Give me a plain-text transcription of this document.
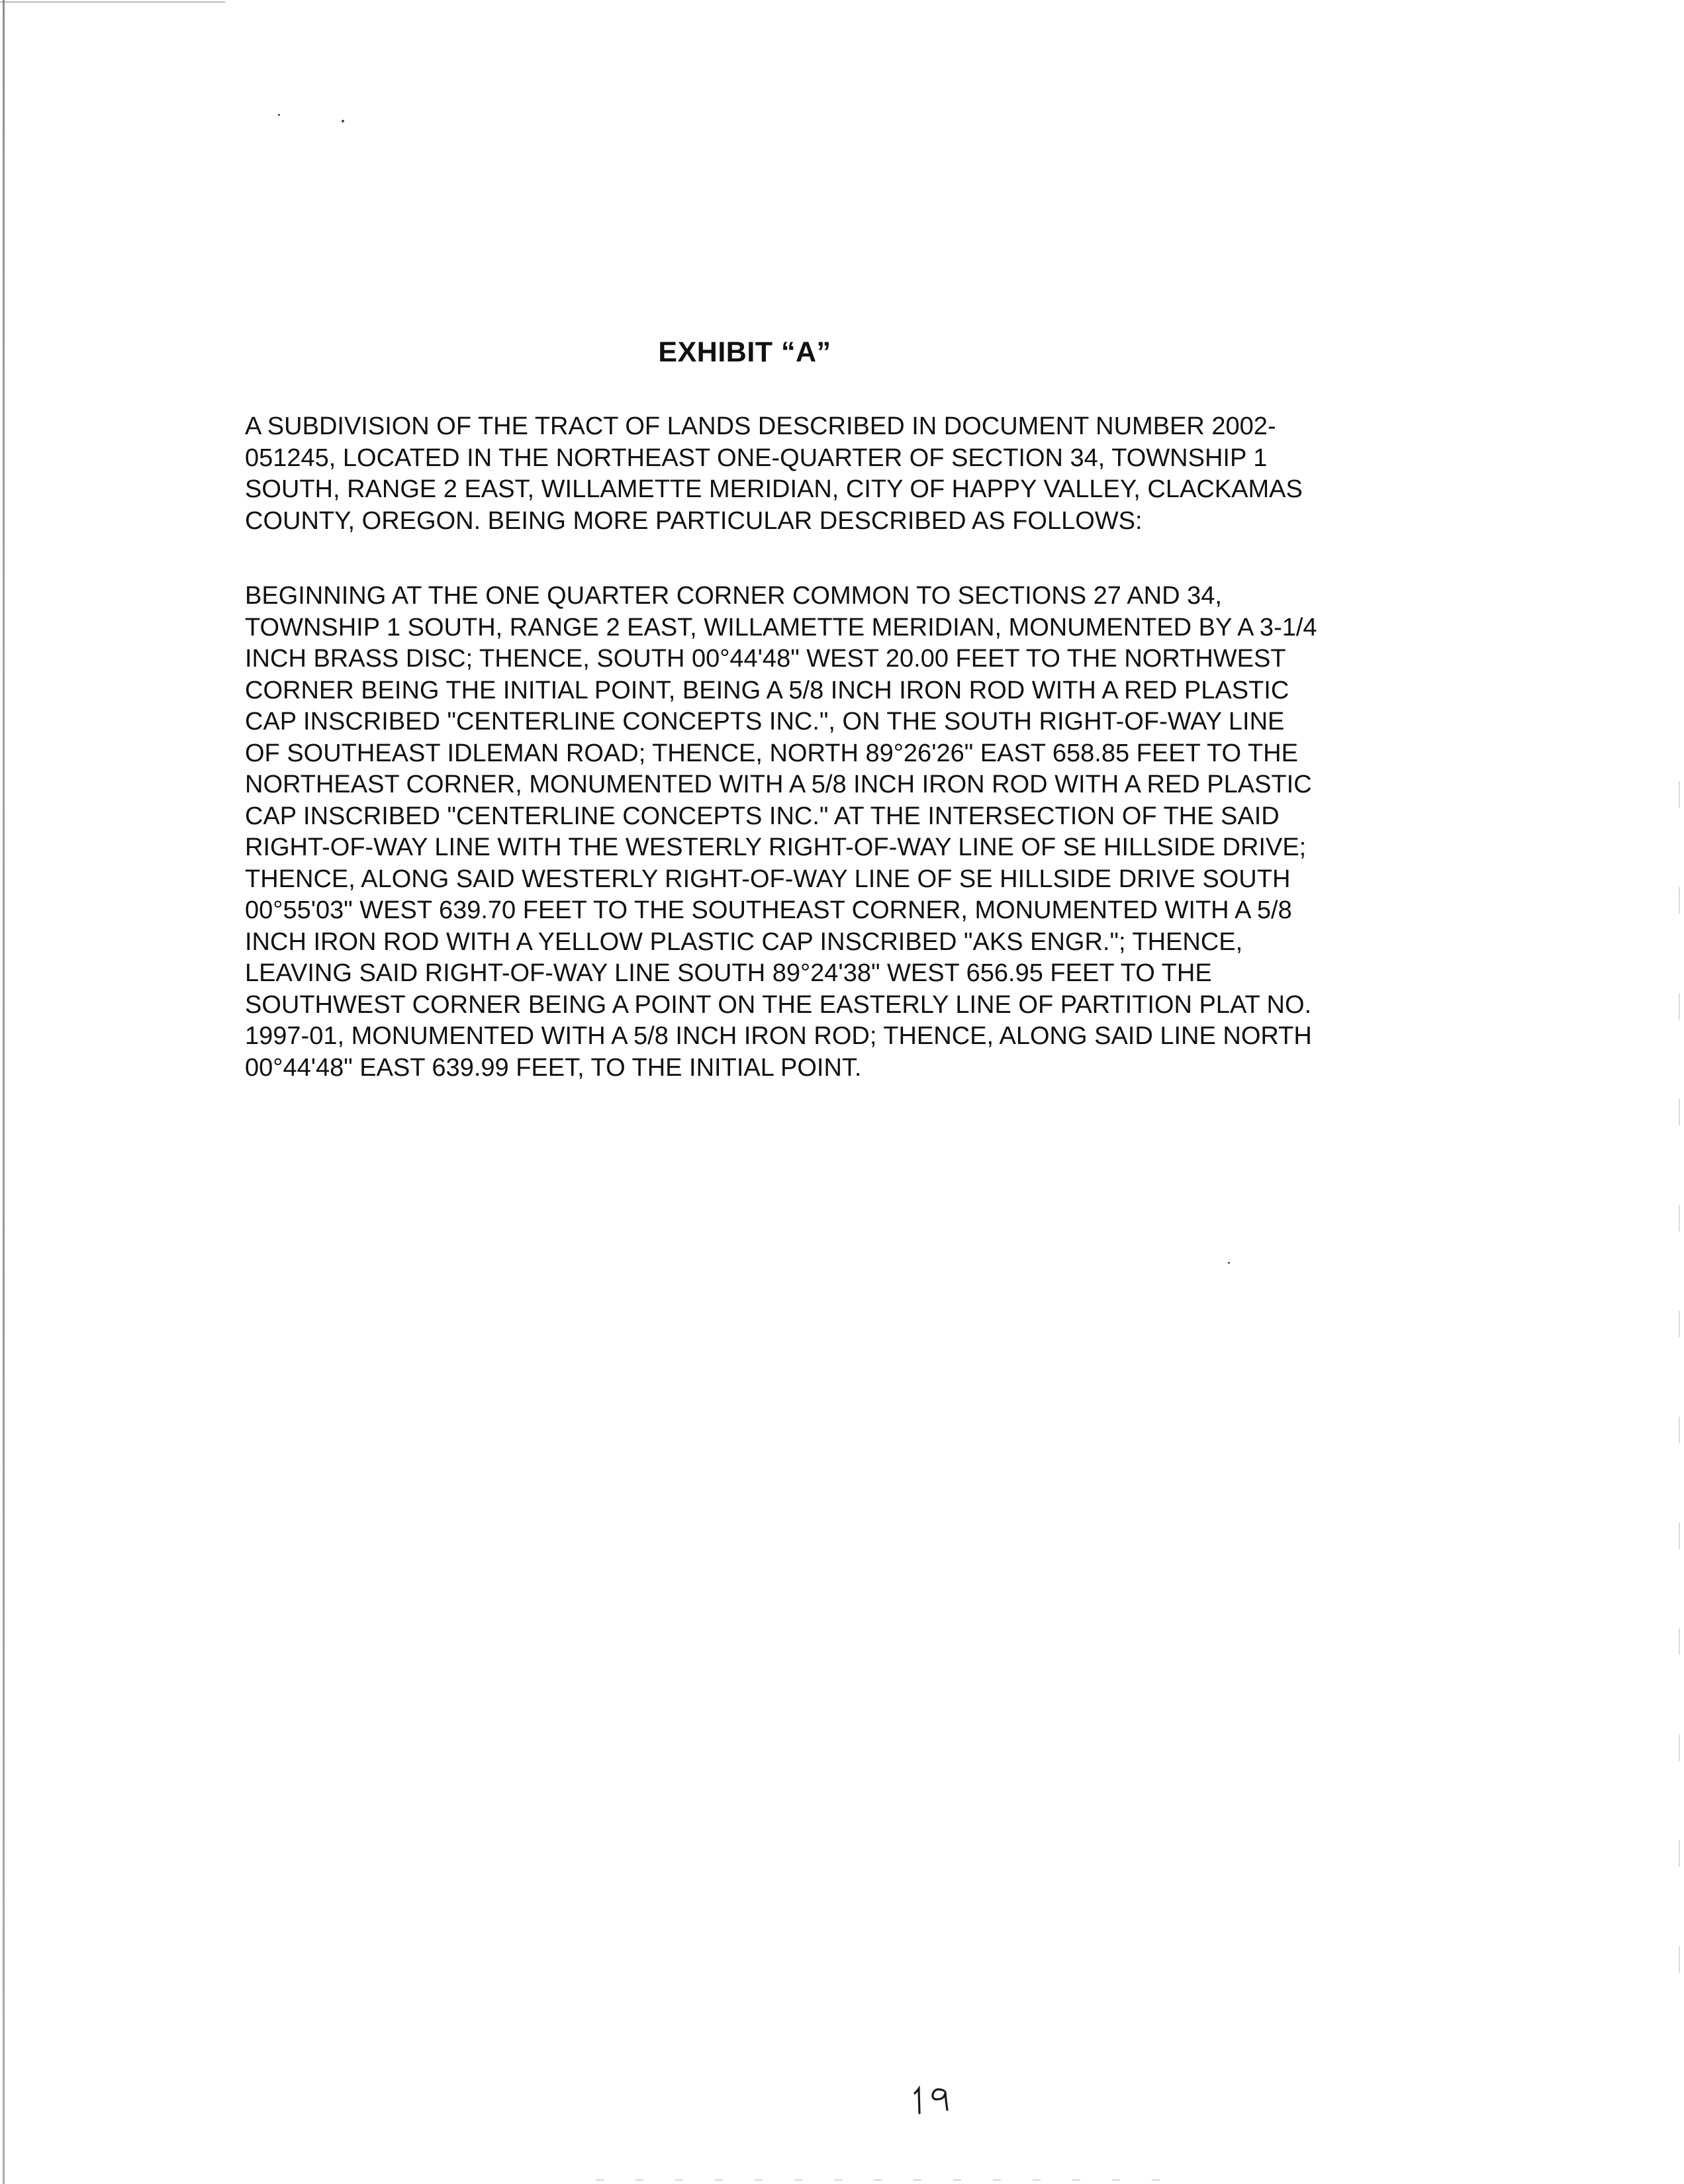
EXHIBIT “A”
A SUBDIVISION OF THE TRACT OF LANDS DESCRIBED IN DOCUMENT NUMBER 2002-
051245, LOCATED IN THE NORTHEAST ONE-QUARTER OF SECTION 34, TOWNSHIP 1
SOUTH, RANGE 2 EAST, WILLAMETTE MERIDIAN, CITY OF HAPPY VALLEY, CLACKAMAS
COUNTY, OREGON. BEING MORE PARTICULAR DESCRIBED AS FOLLOWS:
BEGINNING AT THE ONE QUARTER CORNER COMMON TO SECTIONS 27 AND 34,
TOWNSHIP 1 SOUTH, RANGE 2 EAST, WILLAMETTE MERIDIAN, MONUMENTED BY A 3-1/4
INCH BRASS DISC; THENCE, SOUTH 00°44'48" WEST 20.00 FEET TO THE NORTHWEST
CORNER BEING THE INITIAL POINT, BEING A 5/8 INCH IRON ROD WITH A RED PLASTIC
CAP INSCRIBED "CENTERLINE CONCEPTS INC.", ON THE SOUTH RIGHT-OF-WAY LINE
OF SOUTHEAST IDLEMAN ROAD; THENCE, NORTH 89°26'26" EAST 658.85 FEET TO THE
NORTHEAST CORNER, MONUMENTED WITH A 5/8 INCH IRON ROD WITH A RED PLASTIC
CAP INSCRIBED "CENTERLINE CONCEPTS INC." AT THE INTERSECTION OF THE SAID
RIGHT-OF-WAY LINE WITH THE WESTERLY RIGHT-OF-WAY LINE OF SE HILLSIDE DRIVE;
THENCE, ALONG SAID WESTERLY RIGHT-OF-WAY LINE OF SE HILLSIDE DRIVE SOUTH
00°55'03" WEST 639.70 FEET TO THE SOUTHEAST CORNER, MONUMENTED WITH A 5/8
INCH IRON ROD WITH A YELLOW PLASTIC CAP INSCRIBED "AKS ENGR."; THENCE,
LEAVING SAID RIGHT-OF-WAY LINE SOUTH 89°24'38" WEST 656.95 FEET TO THE
SOUTHWEST CORNER BEING A POINT ON THE EASTERLY LINE OF PARTITION PLAT NO.
1997-01, MONUMENTED WITH A 5/8 INCH IRON ROD; THENCE, ALONG SAID LINE NORTH
00°44'48" EAST 639.99 FEET, TO THE INITIAL POINT.
